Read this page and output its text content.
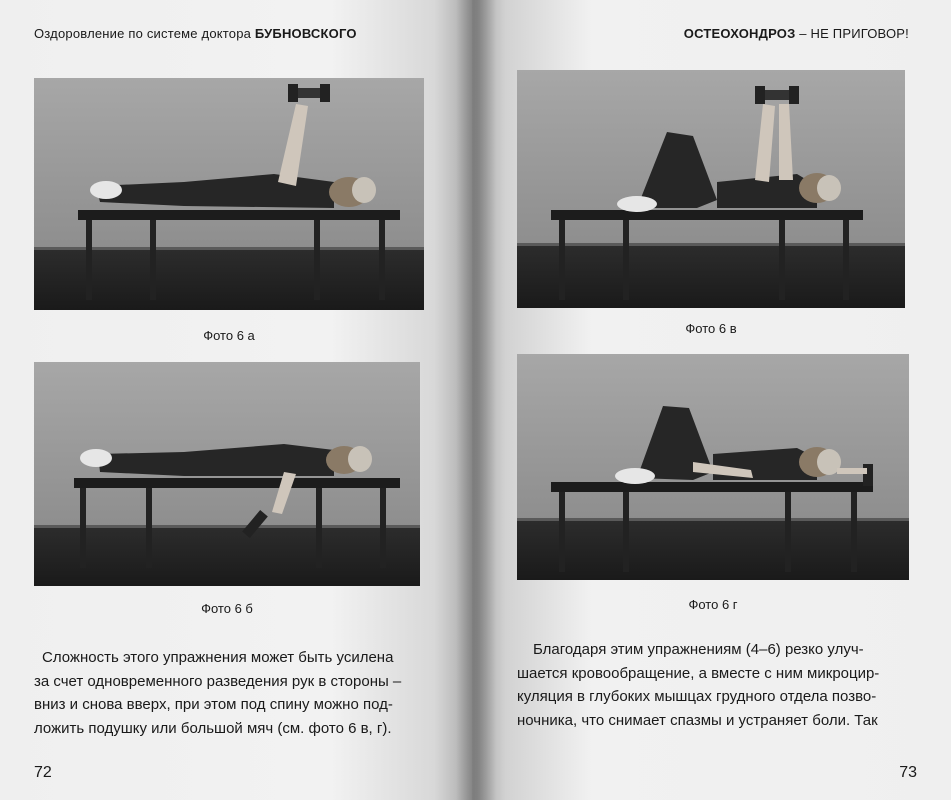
Оздоровление по системе доктора БУБНОВСКОГО
Фото 6 а
Фото 6 б
Сложность этого упражнения может быть усилена
за счет одновременного разведения рук в стороны –
вниз и снова вверх, при этом под спину можно под-
ложить подушку или большой мяч (см. фото 6 в, г).
72
ОСТЕОХОНДРОЗ – НЕ ПРИГОВОР!
Фото 6 в
Фото 6 г
Благодаря этим упражнениям (4–6) резко улуч-
шается кровообращение, а вместе с ним микроцир-
куляция в глубоких мышцах грудного отдела позво-
ночника, что снимает спазмы и устраняет боли. Так
73
